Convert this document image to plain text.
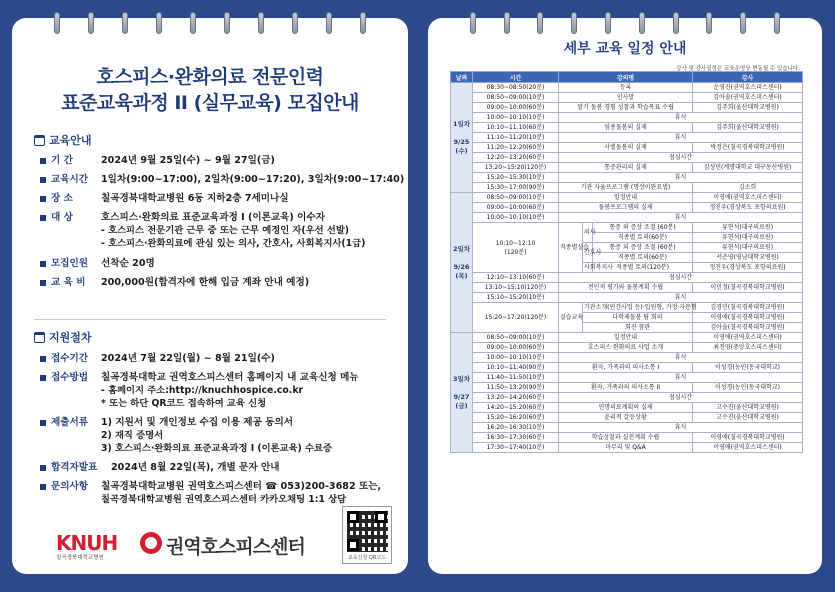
호스피스·완화의료 전문인력
표준교육과정 II (실무교육) 모집안내
교육안내
기 간	2024년 9월 25일(수) ~ 9월 27일(금)
교육시간	1일차(9:00~17:00), 2일차(9:00~17:20), 3일차(9:00~17:40)
장 소	칠곡경북대학교병원 6동 지하2층 7세미나실
대 상	호스피스·완화의료 표준교육과정 I (이론교육) 이수자
- 호스피스 전문기관 근무 중 또는 근무 예정인 자(우선 선발)
- 호스피스·완화의료에 관심 있는 의사, 간호사, 사회복지사(1급)
모집인원	선착순 20명
교 육 비	200,000원(합격자에 한해 입금 계좌 안내 예정)
지원절차
접수기간	2024년 7월 22일(월) ~ 8월 21일(수)
접수방법	칠곡경북대학교 권역호스피스센터 홈페이지 내 교육신청 메뉴
- 홈페이지 주소:http://knuchhospice.co.kr
* 또는 하단 QR코드 접속하여 교육 신청
제출서류	1) 지원서 및 개인정보 수집 이용 제공 동의서
2) 재직 증명서
3) 호스피스·완화의료 표준교육과정 I (이론교육) 수료증
합격자발표	2024년 8월 22일(목), 개별 문자 안내
문의사항	칠곡경북대학교병원 권역호스피스센터 ☎ 053)200-3682 또는,
칠곡경북대학교병원 권역호스피스센터 카카오채팅 1:1 상담
KNUH
칠곡경북대학교병원	권역호스피스센터	교육신청 QR코드
세부 교육 일정 안내
강사 및 강사일정은 교육운영상 변동될 수 있습니다.
날짜	시간	강의명			강사
1일차

9/25
(수)	08:30~08:50(20분)	등록			운영진(권역호스피스센터)
	08:50~09:00(10분)	인사말			김아솔(권역호스피스센터)
	09:00~10:00(60분)	말기 돌봄 경험 성찰과 학습목표 수립			김주희(울산대학교병원)
	10:00~10:10(10분)	휴식			
	10:10~11:10(60분)	임종돌봄의 실제			김주희(울산대학교병원)
	11:10~11:20(10분)	휴식			
	11:20~12:20(60분)	사별돌봄의 실제			박정은(칠곡경북대학교병원)
	12:20~13:20(60분)	점심시간			
	13:20~15:20(120분)	통증관리의 실제			김성민(계명대학교 대구동산병원)
	15:20~15:30(10분)	휴식			
	15:30~17:00(90분)	기관 자율프로그램 (명상이완요법)			김소희
2일차

9/26
(목)	08:50~09:00(10분)	일정안내			이영애(권역호스피스센터)
	09:00~10:00(60분)	돌봄프로그램의 실제			정진우(경상북도 포항의료원)
	10:00~10:10(10분)	휴식			
	10:10~12:10
(120분)	직종별실습	의사	통증 외 증상 조절 (60분)	류현석(대구의료원)
				직종별 토의(60분)	류현석(대구의료원)
			간호사	통증 외 증상 조절 (60분)	류현석(대구의료원)
				직종별 토의(60분)	서준영(영남대학교병원)
			사회복지사	직종별 토의(120분)	정진우(경상북도 포항의료원)
	12:10~13:10(60분)	점심시간			
	13:10~15:10(120분)	전인적 평가와 돌봄계획 수립			이민정(칠곡경북대학교병원)
	15:10~15:20(10분)	휴식			
	15:20~17:20(120분)	실습교육	기관소개(연간사업 등)·입원형, 가정·자문형		김경민(칠곡경북대학교병원)
			다학제돌봄 팀 회의		이영애(칠곡경북대학교병원)
			회진 참관		김아솔(칠곡경북대학교병원)
3일차

9/27
(금)	08:50~09:00(10분)	일정안내			이영애(권역호스피스센터)
	09:00~10:00(60분)	호스피스·완화의료 사업 소개			최진영(중앙호스피스센터)
	10:00~10:10(10분)	휴식			
	10:10~11:40(90분)	환자, 가족과의 의사소통 I			이성경(농인(동국대학교)
	11:40~11:50(10분)	휴식			
	11:50~13:20(90분)	환자, 가족과의 의사소통 II			이성경(농인(동국대학교)
	13:20~14:20(60분)	점심시간			
	14:20~15:20(60분)	연명의료계획의 실제			고수진(울산대학교병원)
	15:20~16:20(60분)	윤리적 갈등상황			고수진(울산대학교병원)
	16:20~16:30(10분)	휴식			
	16:30~17:30(60분)	학습성찰과 실천계획 수립			이영애(칠곡경북대학교병원)
	17:30~17:40(10분)	마무리 및 Q&A			이영애(권역호스피스센터)
